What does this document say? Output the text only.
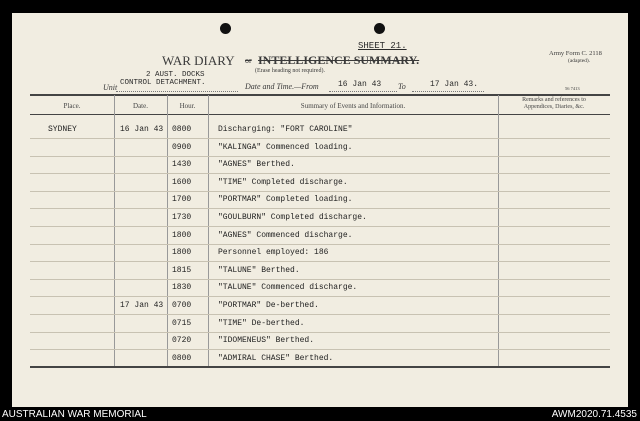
SHEET 21.
WAR DIARY or INTELLIGENCE SUMMARY.
(Erase heading not required).
Army Form C. 2118
(adapted).
56 7413
Unit
2 AUST. DOCKS
CONTROL DETACHMENT.	Date and Time.—From 16 Jan 43 To	17 Jan 43.
Place.	Date.	Hour.	Summary of Events and Information.
Remarks and references to
Appendices, Diaries, &c.
SYDNEY	16 Jan 43 0800	Discharging: "FORT CAROLINE"
0900	"KALINGA" Commenced loading.
1430	"AGNES" Berthed.
1600	"TIME" Completed discharge.
1700	"PORTMAR" Completed loading.
1730	"GOULBURN" Completed discharge.
1800	"AGNES" Commenced discharge.
1800	Personnel employed: 186
1815	"TALUNE" Berthed.
1830	"TALUNE" Commenced discharge.
17 Jan 43 0700	"PORTMAR" De-berthed.
0715	"TIME" De-berthed.
0720	"IDOMENEUS" Berthed.
0800	"ADMIRAL CHASE" Berthed.
AUSTRALIAN WAR MEMORIAL	AWM2020.71.4535
